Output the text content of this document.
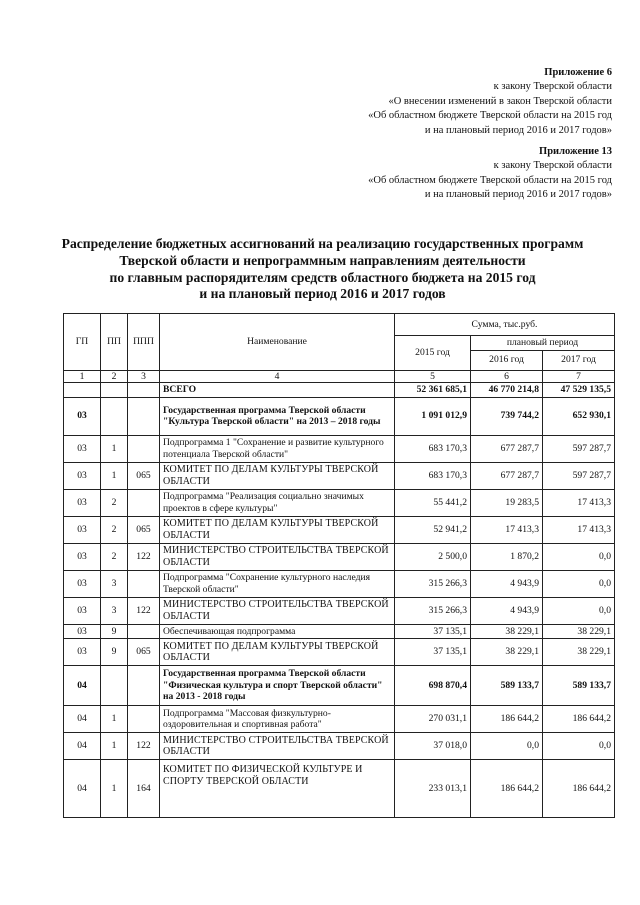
Приложение 6
к закону Тверской области
«О внесении изменений в закон Тверской области
«Об областном бюджете Тверской области на 2015 год
и на плановый период 2016 и 2017 годов»
Приложение 13
к закону Тверской области
«Об областном бюджете Тверской области на 2015 год
и на плановый период 2016 и 2017 годов»
Распределение бюджетных ассигнований на реализацию государственных программ
Тверской области и непрограммным направлениям деятельности
по главным распорядителям средств областного бюджета на 2015 год
и на плановый период 2016 и 2017 годов
ГП	ПП	ППП	Наименование	Сумма, тыс.руб.		
				2015 год	плановый период	
					2016 год	2017 год
1	2	3	4	5	6	7
			ВСЕГО	52 361 685,1	46 770 214,8	47 529 135,5
03			Государственная программа Тверской области "Культура Тверской области" на 2013 – 2018 годы	1 091 012,9	739 744,2	652 930,1
03	1		Подпрограмма 1 "Сохранение и развитие культурного потенциала Тверской области"	683 170,3	677 287,7	597 287,7
03	1	065	КОМИТЕТ ПО ДЕЛАМ КУЛЬТУРЫ ТВЕРСКОЙ ОБЛАСТИ	683 170,3	677 287,7	597 287,7
03	2		Подпрограмма "Реализация социально значимых проектов в сфере культуры"	55 441,2	19 283,5	17 413,3
03	2	065	КОМИТЕТ ПО ДЕЛАМ КУЛЬТУРЫ ТВЕРСКОЙ ОБЛАСТИ	52 941,2	17 413,3	17 413,3
03	2	122	МИНИСТЕРСТВО СТРОИТЕЛЬСТВА ТВЕРСКОЙ ОБЛАСТИ	2 500,0	1 870,2	0,0
03	3		Подпрограмма "Сохранение культурного наследия Тверской области"	315 266,3	4 943,9	0,0
03	3	122	МИНИСТЕРСТВО СТРОИТЕЛЬСТВА ТВЕРСКОЙ ОБЛАСТИ	315 266,3	4 943,9	0,0
03	9		Обеспечивающая подпрограмма	37 135,1	38 229,1	38 229,1
03	9	065	КОМИТЕТ ПО ДЕЛАМ КУЛЬТУРЫ ТВЕРСКОЙ ОБЛАСТИ	37 135,1	38 229,1	38 229,1
04			Государственная программа Тверской области "Физическая культура и спорт Тверской области" на 2013 - 2018 годы	698 870,4	589 133,7	589 133,7
04	1		Подпрограмма "Массовая физкультурно-оздоровительная и спортивная работа"	270 031,1	186 644,2	186 644,2
04	1	122	МИНИСТЕРСТВО СТРОИТЕЛЬСТВА ТВЕРСКОЙ ОБЛАСТИ	37 018,0	0,0	0,0
04	1	164	КОМИТЕТ ПО ФИЗИЧЕСКОЙ КУЛЬТУРЕ И СПОРТУ ТВЕРСКОЙ ОБЛАСТИ	233 013,1	186 644,2	186 644,2
